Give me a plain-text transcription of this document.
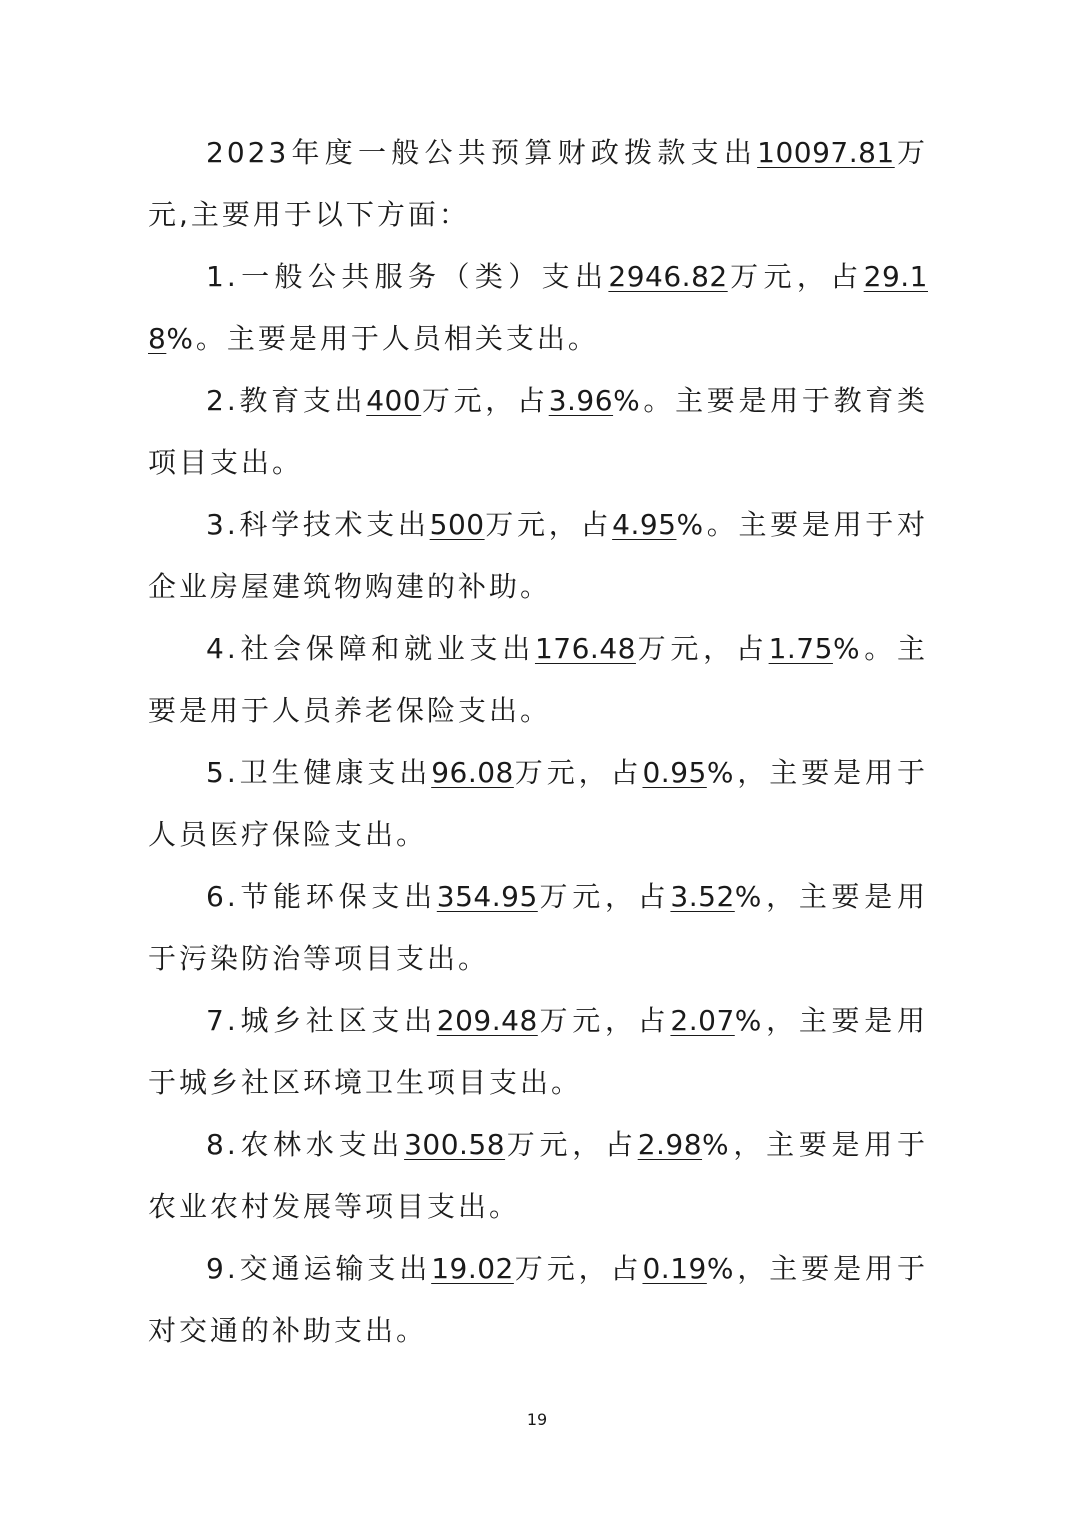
2023年度一般公共预算财政拨款支出10097.81万元,主要用于以下方面：

1.一般公共服务（类）支出2946.82万元，占29.18%。主要是用于人员相关支出。

2.教育支出400万元，占3.96%。主要是用于教育类项目支出。

3.科学技术支出500万元，占4.95%。主要是用于对企业房屋建筑物购建的补助。

4.社会保障和就业支出176.48万元，占1.75%。主要是用于人员养老保险支出。

5.卫生健康支出96.08万元，占0.95%，主要是用于人员医疗保险支出。

6.节能环保支出354.95万元，占3.52%，主要是用于污染防治等项目支出。

7.城乡社区支出209.48万元，占2.07%，主要是用于城乡社区环境卫生项目支出。

8.农林水支出300.58万元，占2.98%，主要是用于农业农村发展等项目支出。

9.交通运输支出19.02万元，占0.19%，主要是用于对交通的补助支出。

19
